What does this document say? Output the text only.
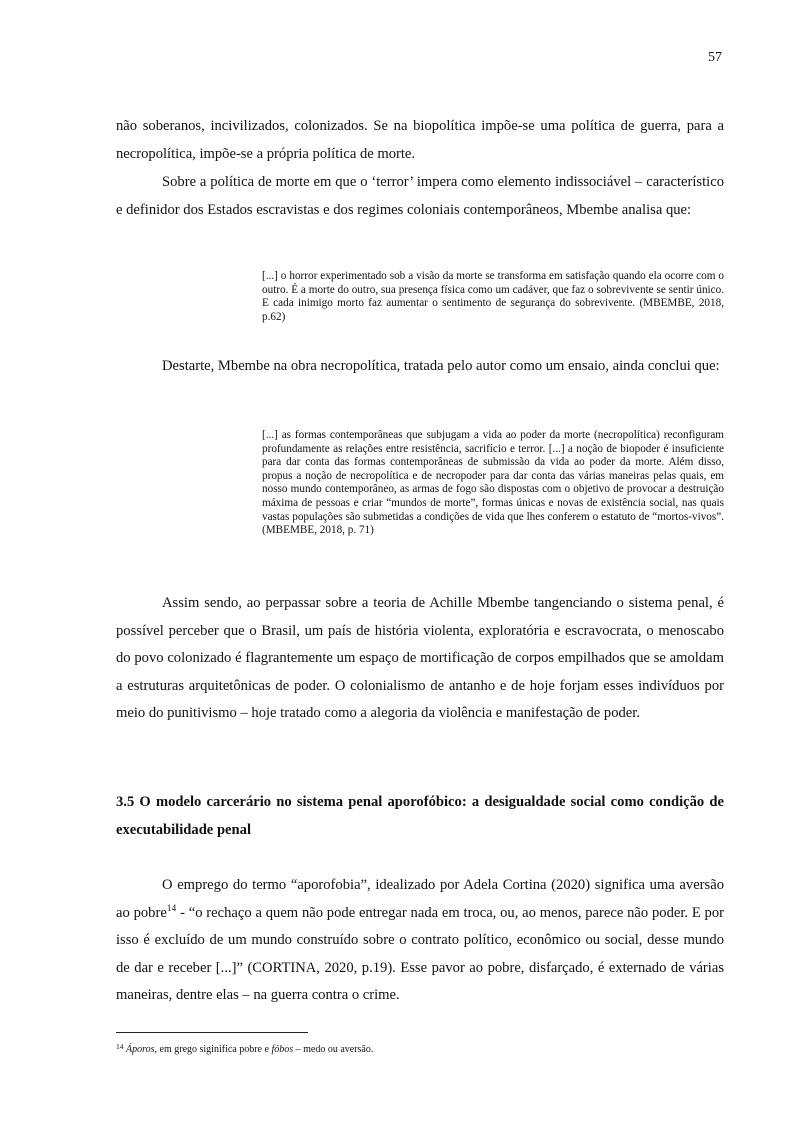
57

não soberanos, incivilizados, colonizados. Se na biopolítica impõe-se uma política de guerra, para a necropolítica, impõe-se a própria política de morte.

Sobre a política de morte em que o ‘terror’ impera como elemento indissociável – característico e definidor dos Estados escravistas e dos regimes coloniais contemporâneos, Mbembe analisa que:

[...] o horror experimentado sob a visão da morte se transforma em satisfação quando ela ocorre com o outro. É a morte do outro, sua presença física como um cadáver, que faz o sobrevivente se sentir único. E cada inimigo morto faz aumentar o sentimento de segurança do sobrevivente. (MBEMBE, 2018, p.62)

Destarte, Mbembe na obra necropolítica, tratada pelo autor como um ensaio, ainda conclui que:

[...] as formas contemporâneas que subjugam a vida ao poder da morte (necropolítica) reconfiguram profundamente as relações entre resistência, sacrifício e terror. [...] a noção de biopoder é insuficiente para dar conta das formas contemporâneas de submissão da vida ao poder da morte. Além disso, propus a noção de necropolítica e de necropoder para dar conta das várias maneiras pelas quais, em nosso mundo contemporâneo, as armas de fogo são dispostas com o objetivo de provocar a destruição máxima de pessoas e criar “mundos de morte”, formas únicas e novas de existência social, nas quais vastas populações são submetidas a condições de vida que lhes conferem o estatuto de “mortos-vivos”. (MBEMBE, 2018, p. 71)

Assim sendo, ao perpassar sobre a teoria de Achille Mbembe tangenciando o sistema penal, é possível perceber que o Brasil, um país de história violenta, exploratória e escravocrata, o menoscabo do povo colonizado é flagrantemente um espaço de mortificação de corpos empilhados que se amoldam a estruturas arquitetônicas de poder. O colonialismo de antanho e de hoje forjam esses indivíduos por meio do punitivismo – hoje tratado como a alegoria da violência e manifestação de poder.

3.5 O modelo carcerário no sistema penal aporofóbico: a desigualdade social como condição de executabilidade penal

O emprego do termo “aporofobia”, idealizado por Adela Cortina (2020) significa uma aversão ao pobre$^{14}$ - “o rechaço a quem não pode entregar nada em troca, ou, ao menos, parece não poder. E por isso é excluído de um mundo construído sobre o contrato político, econômico ou social, desse mundo de dar e receber [...]” (CORTINA, 2020, p.19). Esse pavor ao pobre, disfarçado, é externado de várias maneiras, dentre elas – na guerra contra o crime.

$^{14}$ Áporos, em grego siginifica pobre e fóbos – medo ou aversão.
